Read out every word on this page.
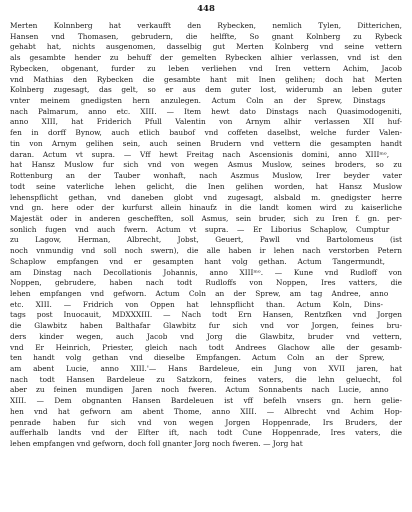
448
Merten Kolnnberg hat verkaufft den Rybecken, nemlich Tylen, Ditterichen,
Hansen vnd Thomasen, gebrudern, die helffte, So gnant Kolnberg zu Rybeck
gehabt hat, nichts ausgenomen, dasselbig gut Merten Kolnberg vnd seine vettern
als gesambte hender zu behuff der gemelten Rybecken alhier verlassen, vnd ist den
Rybecken, obgenant, furder zu leben verliehen vnd Iren vettern Achim, Jacob
vnd Mathias den Rybecken die gesambte hant mit Inen gelihen; doch hat Merten
Kolnberg zugesagt, das gelt, so er aus dem guter lost, widerumb an leben guter
vnter meinem gnedigsten hern anzulegen. Actum Coln an der Sprew, Dinstags
nach Palmarum, anno etc. XIII. — Item hewt dato Dinstags nach Quasimodogeniti,
anno XIII, hat Friderich Pfull Valentin von Arnym alhir verlassen XII huf-
fen in dorff Bynow, auch etlich baubof vnd coffeten daselbst, welche furder Valen-
tin von Arnym gelihen sein, auch seinen Brudern vnd vettern die gesampten handt
daran. Actum vt supra. — Vff hewt Freitag nach Ascensionis domini, anno XIIIᵐᵒ,
hat Hansz Muslow fur sich vnd von wegen Asmus Muslow, seines broders, so zu
Rottenburg an der Tauber wonhaft, nach Aszmus Muslow, Irer beyder vater
todt seine vaterliche lehen gelicht, die Inen gelihen worden, hat Hansz Muslow
lehenspflicht gethan, vnd daneben globt vnd zugesagt, alsbald m. gnedigster herre
vnd gn. here oder der kurfurst allein hinaufz in die landt komen wird zu kaiserliche
Majestät oder in anderen geschefften, soll Asmus, sein bruder, sich zu Iren f. gn. per-
sonlich fugen vnd auch fwern. Actum vt supra. — Er Liborius Schaplow, Cumptur
zu Lagow, Herman, Albrecht, Jobst, Geuert, Pawll vnd Bartolomeus (ist
noch vnmundig vnd soll noch swern), die alle haben ir lehen nach verstorben Petern
Schaplow empfangen vnd er gesampten hant volg gethan. Actum Tangermundt,
am Dinstag nach Decollationis Johannis, anno XIIIᵐᵒ. — Kune vnd Rudloff von
Noppen, gebrudere, haben nach todt Rudloffs von Noppen, Ires vatters, die
lehen empfangen vnd gefworn. Actum Coln an der Sprew, am tag Andree, anno
etc. XIII. — Fridrich von Oppen hat lehnspflicht than. Actum Koln, Dins-
tags post Inuocauit, MDXXXIII. — Nach todt Ern Hansen, Rentzfken vnd Jorgen
die Glawbitz haben Balthafar Glawbitz fur sich vnd vor Jorgen, feines bru-
ders kinder wegen, auch Jacob vnd Jorg die Glawbitz, bruder vnd vettern,
vnd Er Heinrich, Priester, gleich nach todt Andrees Glachow alle der gesamb-
ten handt volg gethan vnd dieselbe Empfangen. Actum Coln an der Sprew,
am abent Lucie, anno XIII.'— Hans Bardeleue, ein Jung von XVII jaren, hat
nach todt Hansen Bardeleue zu Satzkorn, feines vaters, die lehn geluecht, fol
aber zu feinen mundigen Jaren noch fweren. Actum Sonnabents nach Lucie, anno
XIII. — Dem obgnanten Hansen Bardeleuen ist vff befelh vnsers gn. hern gelie-
hen vnd hat gefworn am abent Thome, anno XIII. — Albrecht vnd Achim Hop-
penrade haben fur sich vnd von wegen Jorgen Hoppenrade, Irs Bruders, der
aufferhalb landts vnd der Elfter ift, nach todt Cune Hoppenrade, Ires vaters, die
lehen empfangen vnd gefworn, doch foll gnanter Jorg noch fweren. — Jorg hat
